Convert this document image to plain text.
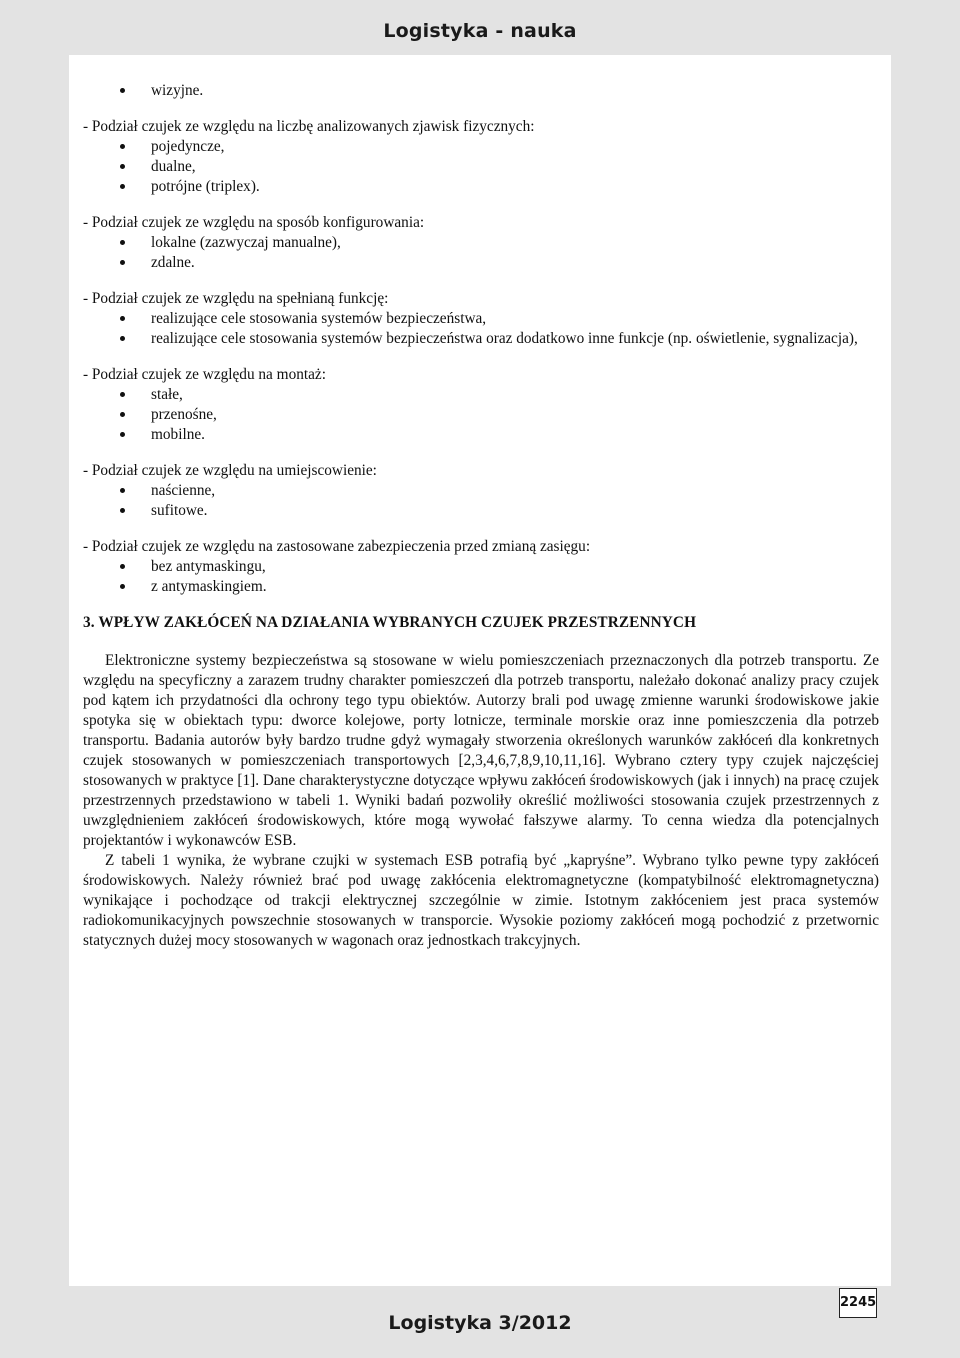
Logistyka - nauka
wizyjne.
- Podział czujek ze względu na liczbę analizowanych zjawisk fizycznych:
pojedyncze,
dualne,
potrójne (triplex).
- Podział czujek ze względu na sposób konfigurowania:
lokalne (zazwyczaj manualne),
zdalne.
- Podział czujek ze względu na spełnianą funkcję:
realizujące cele stosowania systemów bezpieczeństwa,
realizujące cele stosowania systemów bezpieczeństwa oraz dodatkowo inne funkcje (np. oświetlenie, sygnalizacja),
- Podział czujek ze względu na montaż:
stałe,
przenośne,
mobilne.
- Podział czujek ze względu na umiejscowienie:
naścienne,
sufitowe.
- Podział czujek ze względu na zastosowane zabezpieczenia przed zmianą zasięgu:
bez antymaskingu,
z antymaskingiem.
3. WPŁYW ZAKŁÓCEŃ NA DZIAŁANIA WYBRANYCH CZUJEK PRZESTRZENNYCH

Elektroniczne systemy bezpieczeństwa są stosowane w wielu pomieszczeniach przeznaczonych dla potrzeb transportu. Ze względu na specyficzny a zarazem trudny charakter pomieszczeń dla potrzeb transportu, należało dokonać analizy pracy czujek pod kątem ich przydatności dla ochrony tego typu obiektów. Autorzy brali pod uwagę zmienne warunki środowiskowe jakie spotyka się w obiektach typu: dworce kolejowe, porty lotnicze, terminale morskie oraz inne pomieszczenia dla potrzeb transportu. Badania autorów były bardzo trudne gdyż wymagały stworzenia określonych warunków zakłóceń dla konkretnych czujek stosowanych w pomieszczeniach transportowych [2,3,4,6,7,8,9,10,11,16]. Wybrano cztery typy czujek najczęściej stosowanych w praktyce [1]. Dane charakterystyczne dotyczące wpływu zakłóceń środowiskowych (jak i innych) na pracę czujek przestrzennych przedstawiono w tabeli 1. Wyniki badań pozwoliły określić możliwości stosowania czujek przestrzennych z uwzględnieniem zakłóceń środowiskowych, które mogą wywołać fałszywe alarmy. To cenna wiedza dla potencjalnych projektantów i wykonawców ESB.

Z tabeli 1 wynika, że wybrane czujki w systemach ESB potrafią być „kapryśne”. Wybrano tylko pewne typy zakłóceń środowiskowych. Należy również brać pod uwagę zakłócenia elektromagnetyczne (kompatybilność elektromagnetyczna) wynikające i pochodzące od trakcji elektrycznej szczególnie w zimie. Istotnym zakłóceniem jest praca systemów radiokomunikacyjnych powszechnie stosowanych w transporcie. Wysokie poziomy zakłóceń mogą pochodzić z przetwornic statycznych dużej mocy stosowanych w wagonach oraz jednostkach trakcyjnych.

2245
Logistyka 3/2012
